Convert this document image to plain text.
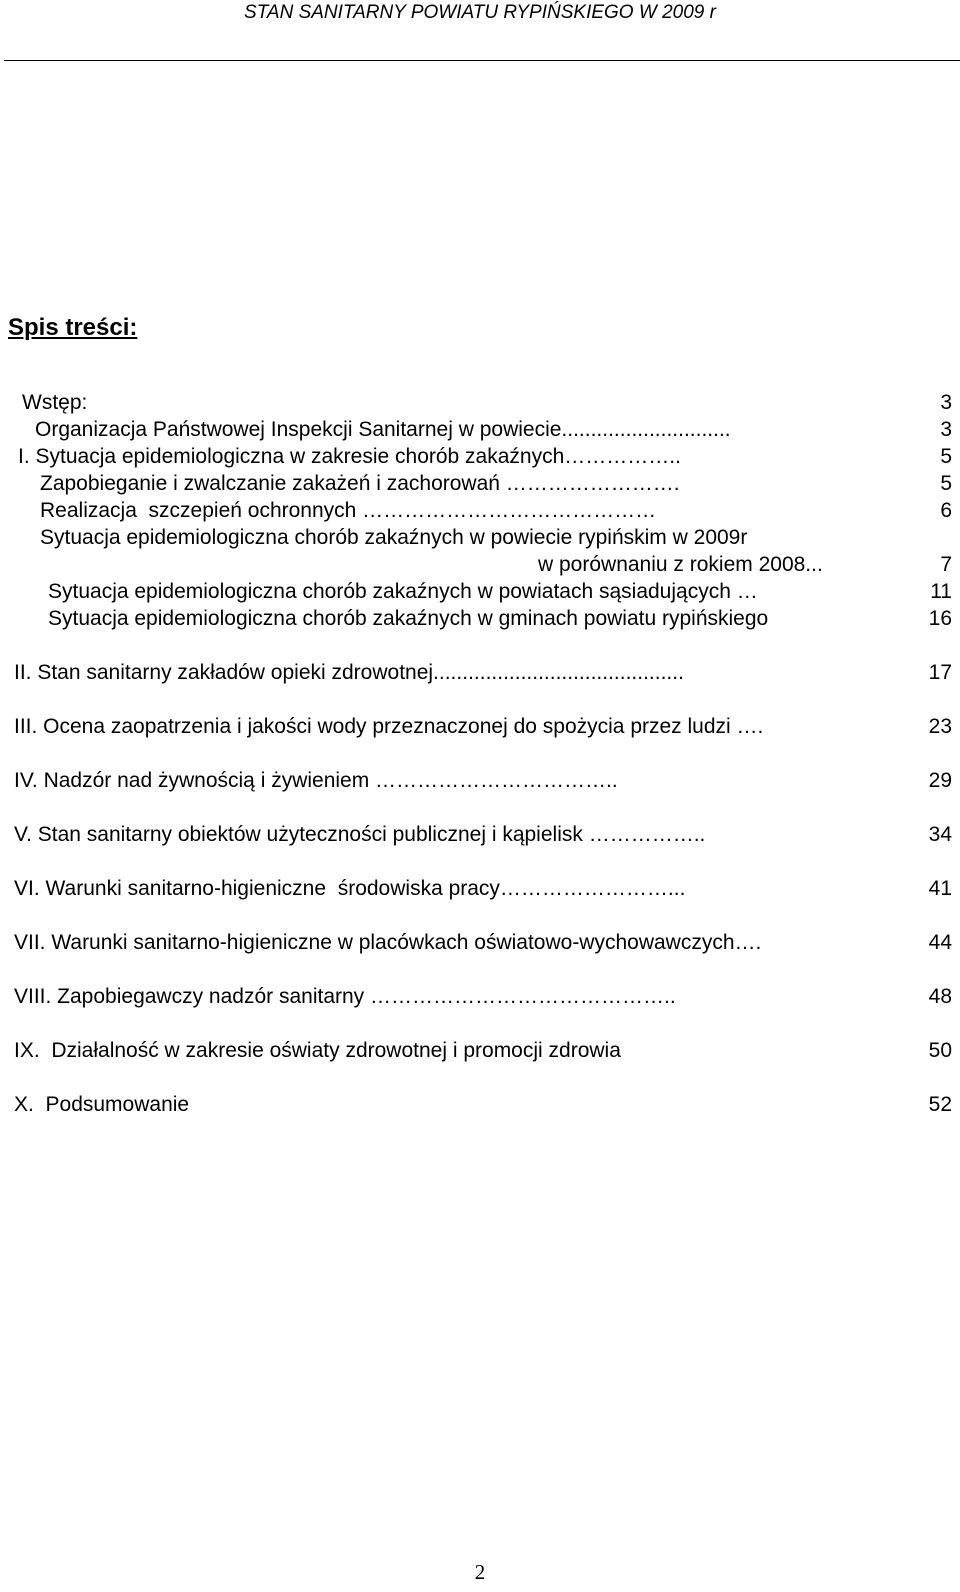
STAN SANITARNY POWIATU RYPIŃSKIEGO W 2009 r
Spis treści:
Wstęp:	3
Organizacja Państwowej Inspekcji Sanitarnej w powiecie.............................	3
I. Sytuacja epidemiologiczna w zakresie chorób zakaźnych……………..	5
Zapobieganie i zwalczanie zakażeń i zachorowań …………………….	5
Realizacja  szczepień ochronnych ……………………………………	6
Sytuacja epidemiologiczna chorób zakaźnych w powiecie rypińskim w 2009r
w porównaniu z rokiem 2008...	7
Sytuacja epidemiologiczna chorób zakaźnych w powiatach sąsiadujących …	11
Sytuacja epidemiologiczna chorób zakaźnych w gminach powiatu rypińskiego	16
II. Stan sanitarny zakładów opieki zdrowotnej...........................................	17
III. Ocena zaopatrzenia i jakości wody przeznaczonej do spożycia przez ludzi ….	23
IV. Nadzór nad żywnością i żywieniem ……………………………..	29
V. Stan sanitarny obiektów użyteczności publicznej i kąpielisk ……………..	34
VI. Warunki sanitarno-higieniczne  środowiska pracy……………………...	41
VII. Warunki sanitarno-higieniczne w placówkach oświatowo-wychowawczych….	44
VIII. Zapobiegawczy nadzór sanitarny ……………………………………..	48
IX.  Działalność w zakresie oświaty zdrowotnej i promocji zdrowia	50
X.  Podsumowanie	52
2
